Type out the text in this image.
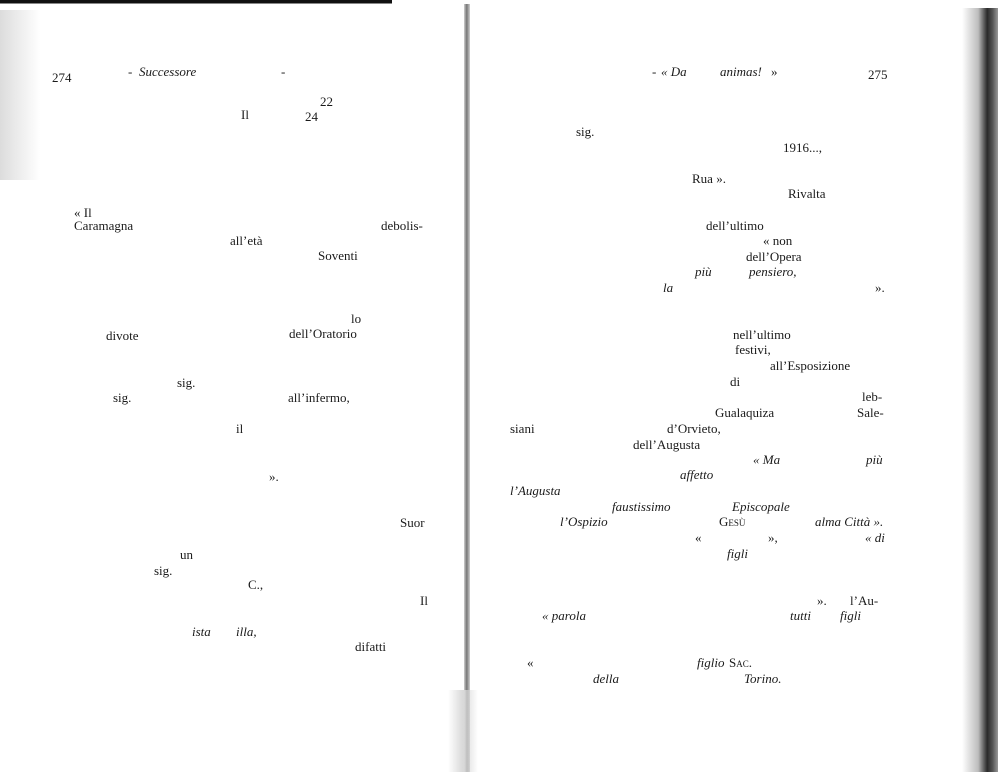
274	- Successore	-
22
Il	24
« Il
Caramagna	debolis-
all’età
Soventi
lo
divote	dell’Oratorio
sig.
sig.	all’infermo,
il
».
Suor
un
sig.
C.,
Il
ista illa,
difatti
- « Da	animas! »	275
sig.
1916...,
Rua ».
Rivalta
dell’ultimo
« non
dell’Opera
più	pensiero,
la	».
nell’ultimo
festivi,
all’Esposizione
di
leb-
Gualaquiza	Sale-
siani	d’Orvieto,
dell’Augusta
« Ma	più
affetto
l’Augusta
faustissimo	Episcopale
l’Ospizio	Gesù	alma Città ».
«	»,	« di
figli
». l’Au-
« parola	tutti figli
«	figlio Sac.
della	Torino.
